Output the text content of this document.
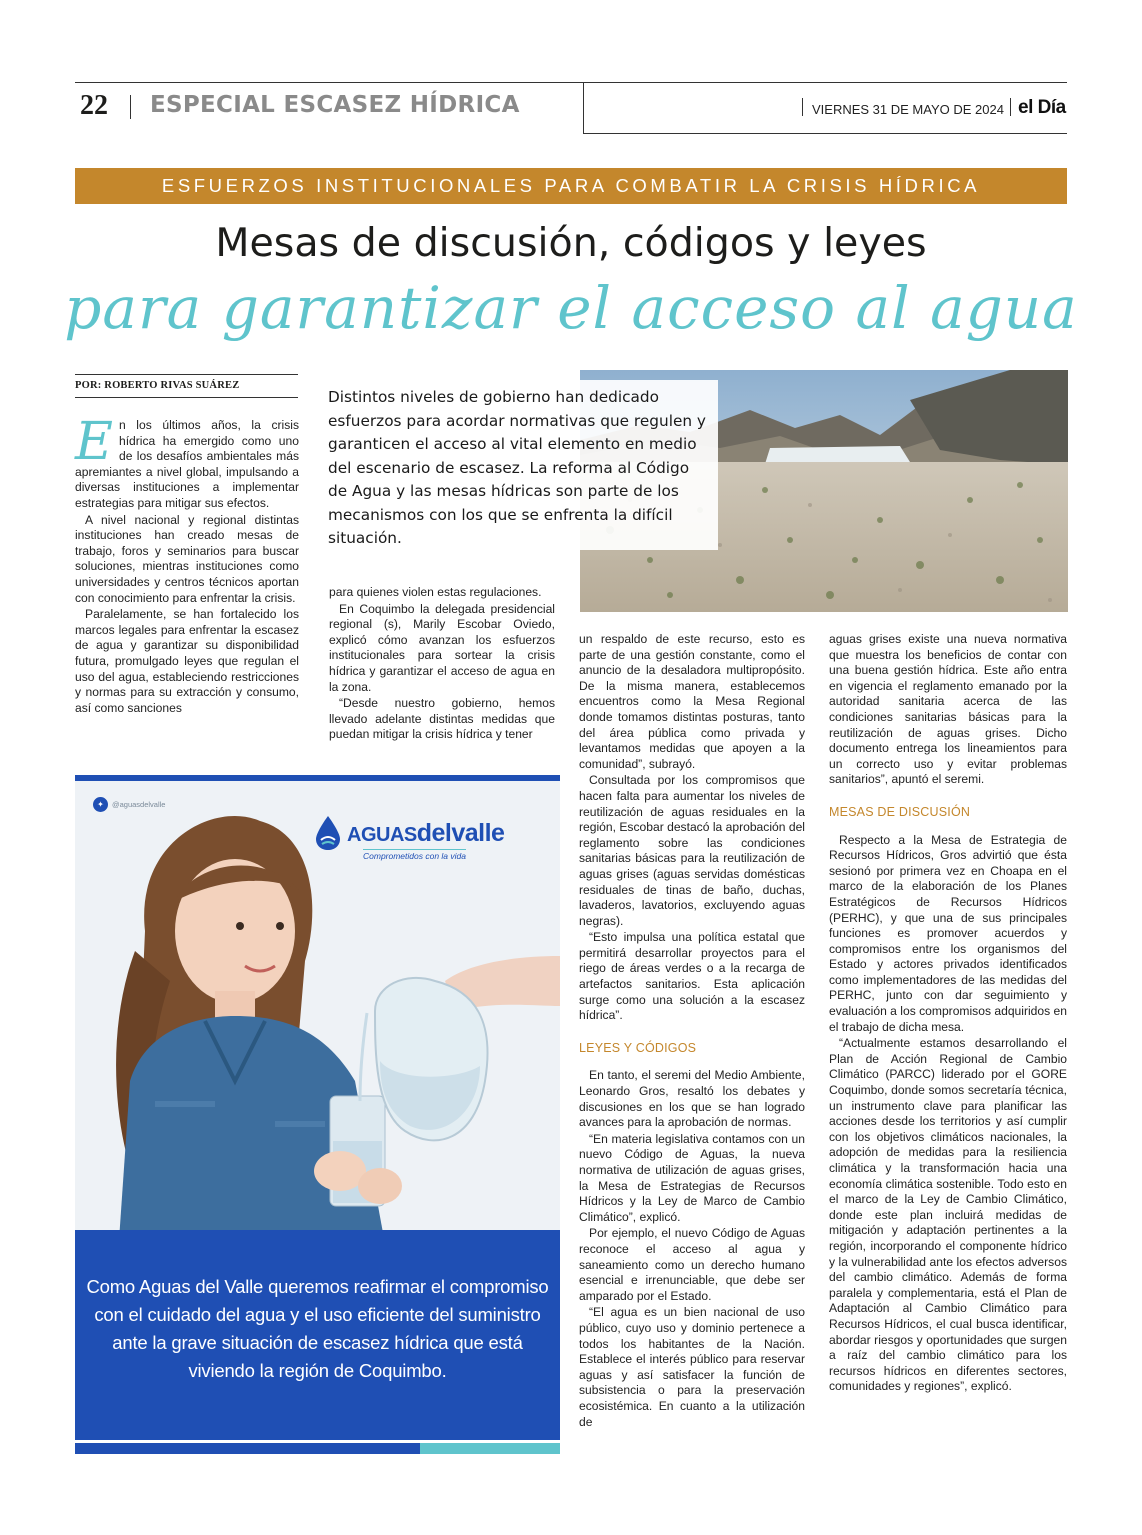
22 ESPECIAL ESCASEZ HÍDRICA	VIERNES 31 DE MAYO DE 2024 el Día
ESFUERZOS INSTITUCIONALES PARA COMBATIR LA CRISIS HÍDRICA
Mesas de discusión, códigos y leyes
para garantizar el acceso al agua
POR: ROBERTO RIVAS SUÁREZ
Distintos niveles de gobierno han dedicado esfuerzos para acordar normativas que regulen y garanticen el acceso al vital elemento en medio del escenario de escasez. La reforma al Código de Agua y las mesas hídricas son parte de los mecanismos con los que se enfrenta la difícil situación.

En los últimos años, la crisis hídrica ha emergido como uno de los desafíos ambientales más apremiantes a nivel global, impulsando a diversas instituciones a implementar estrategias para mitigar sus efectos.

A nivel nacional y regional distintas instituciones han creado mesas de trabajo, foros y seminarios para buscar soluciones, mientras instituciones como universidades y centros técnicos aportan con conocimiento para enfrentar la crisis.

Paralelamente, se han fortalecido los marcos legales para enfrentar la escasez de agua y garantizar su disponibilidad futura, promulgado leyes que regulan el uso del agua, estableciendo restricciones y normas para su extracción y consumo, así como sanciones

para quienes violen estas regulaciones.

En Coquimbo la delegada presidencial regional (s), Marily Escobar Oviedo, explicó cómo avanzan los esfuerzos institucionales para sortear la crisis hídrica y garantizar el acceso de agua en la zona.

“Desde nuestro gobierno, hemos llevado adelante distintas medidas que puedan mitigar la crisis hídrica y tener

un respaldo de este recurso, esto es parte de una gestión constante, como el anuncio de la desaladora multipropósito. De la misma manera, establecemos encuentros como la Mesa Regional donde tomamos distintas posturas, tanto del área pública como privada y levantamos medidas que apoyen a la comunidad”, subrayó.

Consultada por los compromisos que hacen falta para aumentar los niveles de reutilización de aguas residuales en la región, Escobar destacó la aprobación del reglamento sobre las condiciones sanitarias básicas para la reutilización de aguas grises (aguas servidas domésticas residuales de tinas de baño, duchas, lavaderos, lavatorios, excluyendo aguas negras).

“Esto impulsa una política estatal que permitirá desarrollar proyectos para el riego de áreas verdes o a la recarga de artefactos sanitarios. Esta aplicación surge como una solución a la escasez hídrica”.

LEYES Y CÓDIGOS

En tanto, el seremi del Medio Ambiente, Leonardo Gros, resaltó los debates y discusiones en los que se han logrado avances para la aprobación de normas.

“En materia legislativa contamos con un nuevo Código de Aguas, la nueva normativa de utilización de aguas grises, la Mesa de Estrategias de Recursos Hídricos y la Ley de Marco de Cambio Climático”, explicó.

Por ejemplo, el nuevo Código de Aguas reconoce el acceso al agua y saneamiento como un derecho humano esencial e irrenunciable, que debe ser amparado por el Estado.

“El agua es un bien nacional de uso público, cuyo uso y dominio pertenece a todos los habitantes de la Nación. Establece el interés público para reservar aguas y así satisfacer la función de subsistencia o para la preservación ecosistémica. En cuanto a la utilización de

aguas grises existe una nueva normativa que muestra los beneficios de contar con una buena gestión hídrica. Este año entra en vigencia el reglamento emanado por la autoridad sanitaria acerca de las condiciones sanitarias básicas para la reutilización de aguas grises. Dicho documento entrega los lineamientos para un correcto uso y evitar problemas sanitarios”, apuntó el seremi.

MESAS DE DISCUSIÓN

Respecto a la Mesa de Estrategia de Recursos Hídricos, Gros advirtió que ésta sesionó por primera vez en Choapa en el marco de la elaboración de los Planes Estratégicos de Recursos Hídricos (PERHC), y que una de sus principales funciones es promover acuerdos y compromisos entre los organismos del Estado y actores privados identificados como implementadores de las medidas del PERHC, junto con dar seguimiento y evaluación a los compromisos adquiridos en el trabajo de dicha mesa.

“Actualmente estamos desarrollando el Plan de Acción Regional de Cambio Climático (PARCC) liderado por el GORE Coquimbo, donde somos secretaría técnica, un instrumento clave para planificar las acciones desde los territorios y así cumplir con los objetivos climáticos nacionales, la adopción de medidas para la resiliencia climática y la transformación hacia una economía climática sostenible. Todo esto en el marco de la Ley de Cambio Climático, donde este plan incluirá medidas de mitigación y adaptación pertinentes a la región, incorporando el componente hídrico y la vulnerabilidad ante los efectos adversos del cambio climático. Además de forma paralela y complementaria, está el Plan de Adaptación al Cambio Climático para Recursos Hídricos, el cual busca identificar, abordar riesgos y oportunidades que surgen a raíz del cambio climático para los recursos hídricos en diferentes sectores, comunidades y regiones”, explicó.

✦	@aguasdelvalle
AGUASdelvalle
Comprometidos con la vida
Como Aguas del Valle queremos reafirmar el compromiso con el cuidado del agua y el uso eficiente del suministro ante la grave situación de escasez hídrica que está viviendo la región de Coquimbo.
